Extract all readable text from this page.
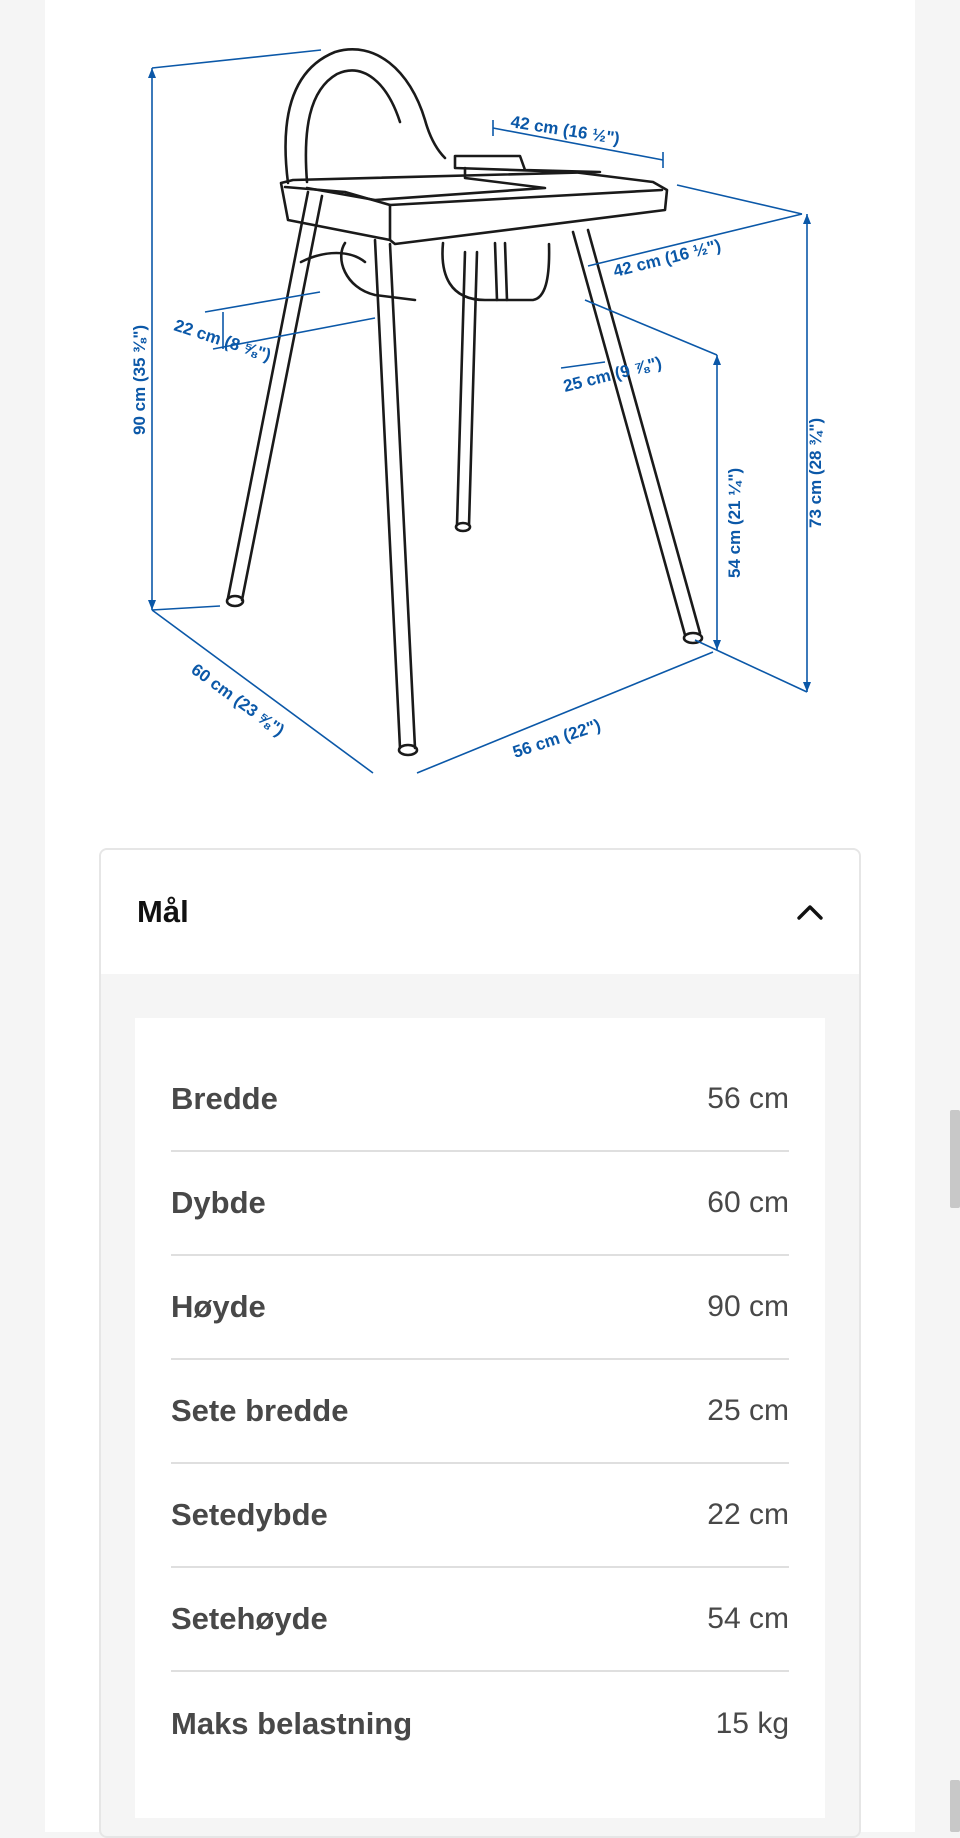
42 cm (16 ½")
42 cm (16 ½")
90 cm (35 ⅜") 22 cm (8 ⅝")
25 cm (9 ⅞")
54 cm (21 ¼")	73 cm (28 ¾")
60 cm (23 ⅝")	56 cm (22")
Mål
Bredde	56 cm
Dybde	60 cm
Høyde	90 cm
Sete bredde	25 cm
Setedybde	22 cm
Setehøyde	54 cm
Maks belastning	15 kg
